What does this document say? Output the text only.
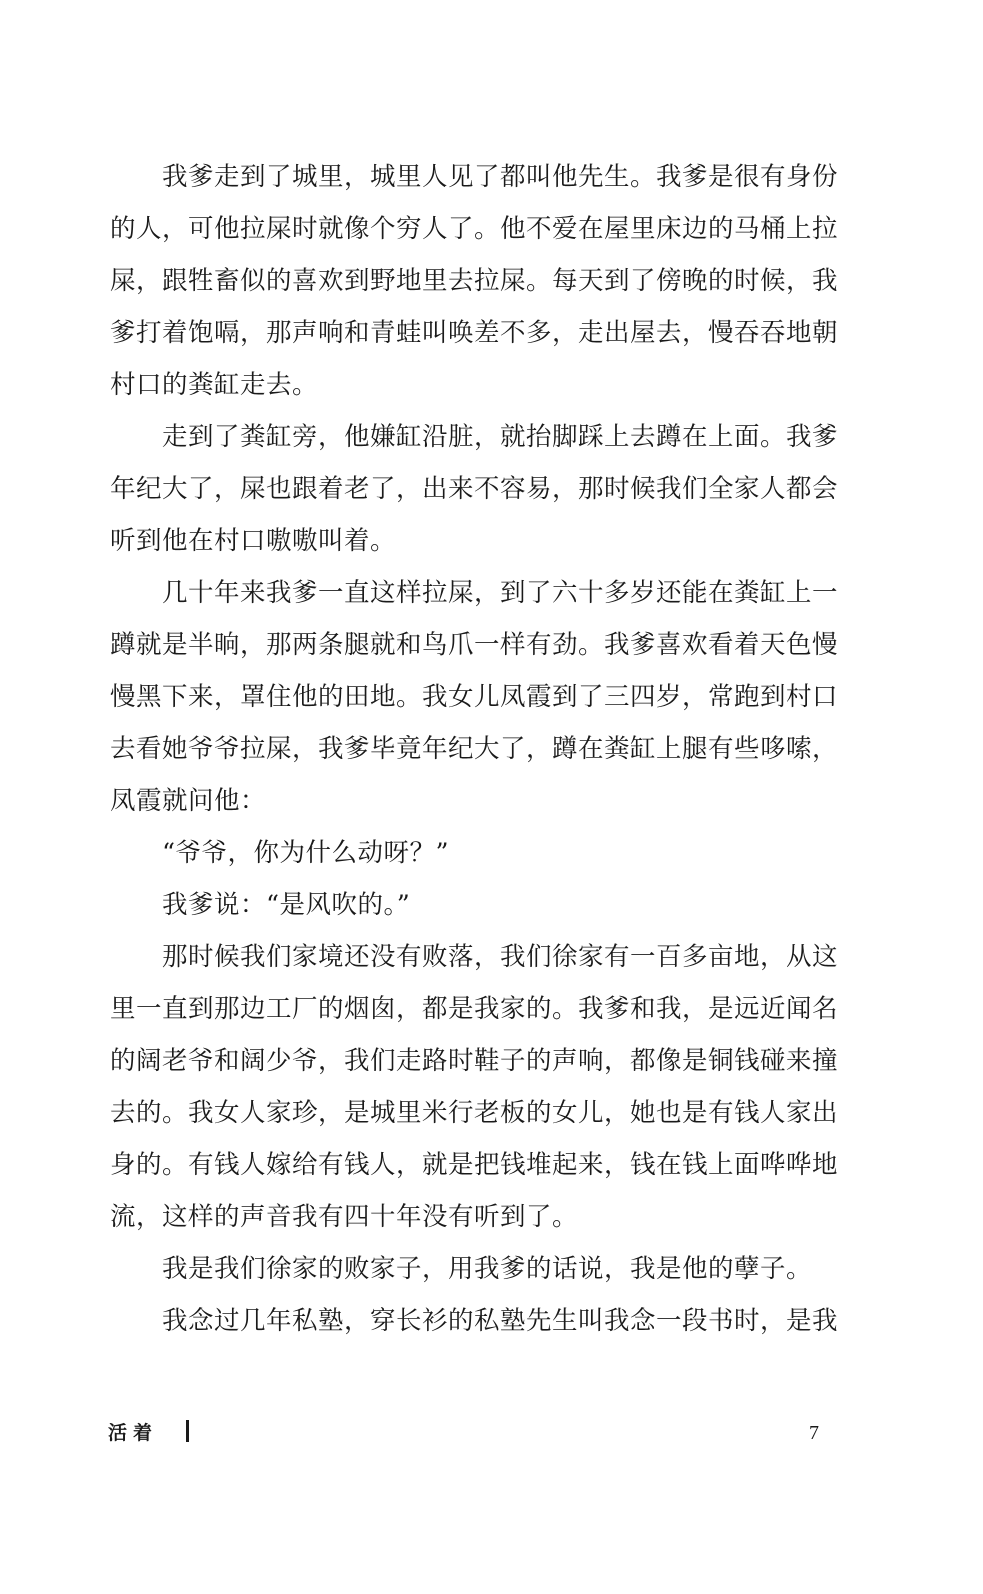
我爹走到了城里，城里人见了都叫他先生。我爹是很有身份
的人，可他拉屎时就像个穷人了。他不爱在屋里床边的马桶上拉
屎，跟牲畜似的喜欢到野地里去拉屎。每天到了傍晚的时候，我
爹打着饱嗝，那声响和青蛙叫唤差不多，走出屋去，慢吞吞地朝
村口的粪缸走去。
走到了粪缸旁，他嫌缸沿脏，就抬脚踩上去蹲在上面。我爹
年纪大了，屎也跟着老了，出来不容易，那时候我们全家人都会
听到他在村口嗷嗷叫着。
几十年来我爹一直这样拉屎，到了六十多岁还能在粪缸上一
蹲就是半晌，那两条腿就和鸟爪一样有劲。我爹喜欢看着天色慢
慢黑下来，罩住他的田地。我女儿凤霞到了三四岁，常跑到村口
去看她爷爷拉屎，我爹毕竟年纪大了，蹲在粪缸上腿有些哆嗦，
凤霞就问他：
“爷爷，你为什么动呀？”
我爹说：“是风吹的。”
那时候我们家境还没有败落，我们徐家有一百多亩地，从这
里一直到那边工厂的烟囱，都是我家的。我爹和我，是远近闻名
的阔老爷和阔少爷，我们走路时鞋子的声响，都像是铜钱碰来撞
去的。我女人家珍，是城里米行老板的女儿，她也是有钱人家出
身的。有钱人嫁给有钱人，就是把钱堆起来，钱在钱上面哗哗地
流，这样的声音我有四十年没有听到了。
我是我们徐家的败家子，用我爹的话说，我是他的孽子。
我念过几年私塾，穿长衫的私塾先生叫我念一段书时，是我
活着	7
